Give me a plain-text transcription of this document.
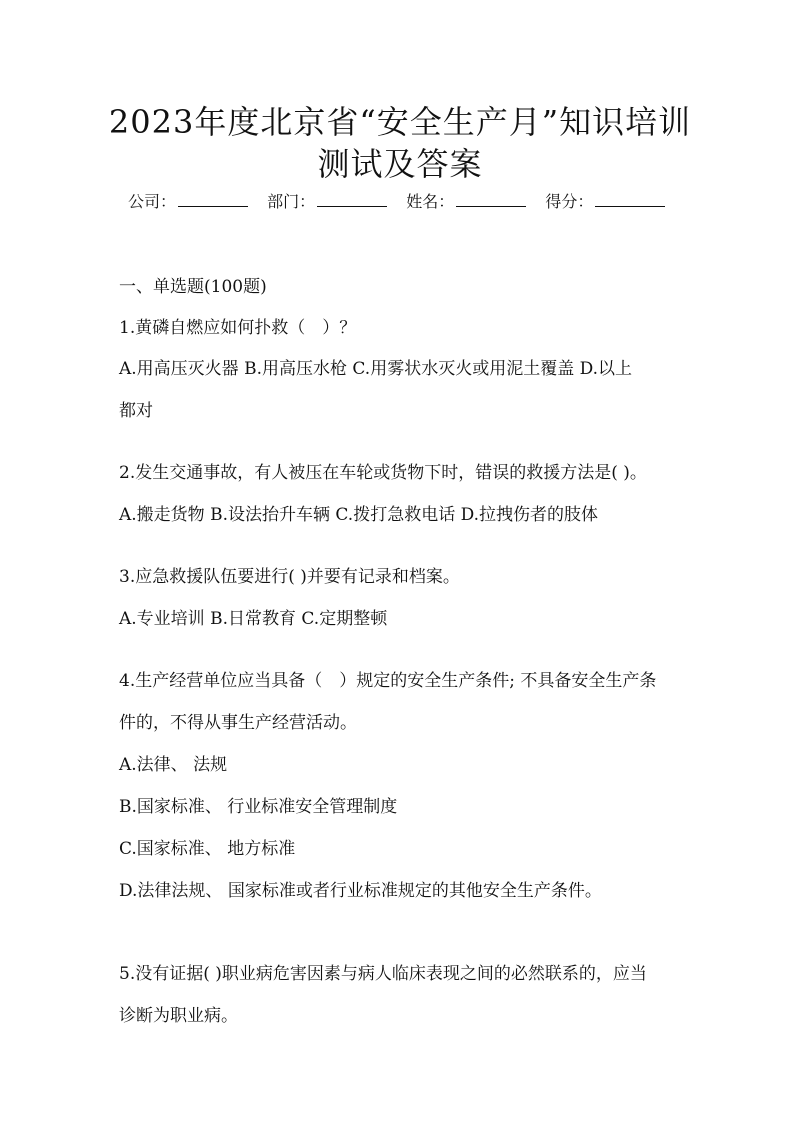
2023年度北京省“安全生产月”知识培训
测试及答案
公司：	部门：	姓名：	得分：
一、单选题(100题)
1.黄磷自燃应如何扑救（　）？
A.用高压灭火器 B.用高压水枪 C.用雾状水灭火或用泥土覆盖 D.以上
都对
2.发生交通事故，有人被压在车轮或货物下时，错误的救援方法是( )。
A.搬走货物 B.设法抬升车辆 C.拨打急救电话 D.拉拽伤者的肢体
3.应急救援队伍要进行( )并要有记录和档案。
A.专业培训 B.日常教育 C.定期整顿
4.生产经营单位应当具备（　）规定的安全生产条件; 不具备安全生产条
件的，不得从事生产经营活动。
A.法律、 法规
B.国家标准、 行业标准安全管理制度
C.国家标准、 地方标准
D.法律法规、 国家标准或者行业标准规定的其他安全生产条件。
5.没有证据( )职业病危害因素与病人临床表现之间的必然联系的，应当
诊断为职业病。
